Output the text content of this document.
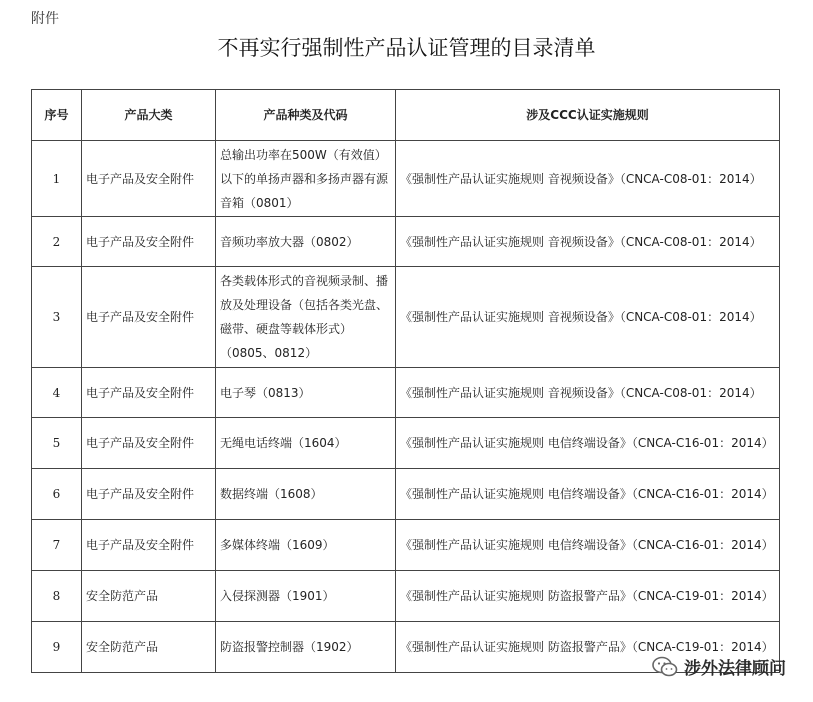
附件
不再实行强制性产品认证管理的目录清单
序号	产品大类	产品种类及代码	涉及CCC认证实施规则
1	电子产品及安全附件	总输出功率在500W（有效值）以下的单扬声器和多扬声器有源音箱（0801）	《强制性产品认证实施规则 音视频设备》（CNCA-C08-01：2014）
2	电子产品及安全附件	音频功率放大器（0802）	《强制性产品认证实施规则 音视频设备》（CNCA-C08-01：2014）
3	电子产品及安全附件	各类载体形式的音视频录制、播放及处理设备（包括各类光盘、磁带、硬盘等载体形式）（0805、0812）	《强制性产品认证实施规则 音视频设备》（CNCA-C08-01：2014）
4	电子产品及安全附件	电子琴（0813）	《强制性产品认证实施规则 音视频设备》（CNCA-C08-01：2014）
5	电子产品及安全附件	无绳电话终端（1604）	《强制性产品认证实施规则 电信终端设备》（CNCA-C16-01：2014）
6	电子产品及安全附件	数据终端（1608）	《强制性产品认证实施规则 电信终端设备》（CNCA-C16-01：2014）
7	电子产品及安全附件	多媒体终端（1609）	《强制性产品认证实施规则 电信终端设备》（CNCA-C16-01：2014）
8	安全防范产品	入侵探测器（1901）	《强制性产品认证实施规则 防盗报警产品》（CNCA-C19-01：2014）
9	安全防范产品	防盗报警控制器（1902）	《强制性产品认证实施规则 防盗报警产品》（CNCA-C19-01：2014）
涉外法律顾问
